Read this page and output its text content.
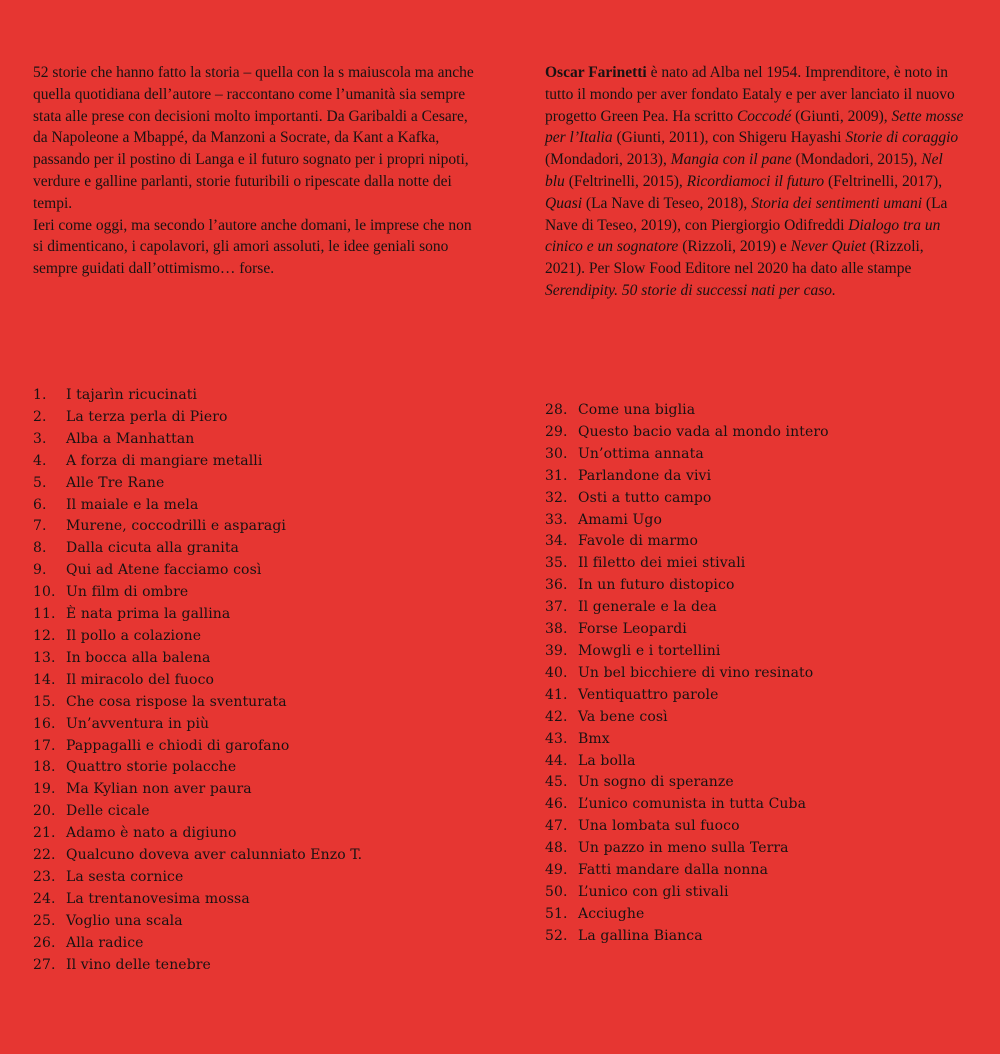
52 storie che hanno fatto la storia – quella con la s maiuscola ma anche quella quotidiana dell’autore – raccontano come l’umanità sia sempre stata alle prese con decisioni molto importanti. Da Garibaldi a Cesare, da Napoleone a Mbappé, da Manzoni a Socrate, da Kant a Kafka, passando per il postino di Langa e il futuro sognato per i propri nipoti, verdure e galline parlanti, storie futuribili o ripescate dalla notte dei tempi.

Ieri come oggi, ma secondo l’autore anche domani, le imprese che non si dimenticano, i capolavori, gli amori assoluti, le idee geniali sono sempre guidati dall’ottimismo… forse.

Oscar Farinetti è nato ad Alba nel 1954. Imprenditore, è noto in tutto il mondo per aver fondato Eataly e per aver lanciato il nuovo progetto Green Pea. Ha scritto Coccodé (Giunti, 2009), Sette mosse per l’Italia (Giunti, 2011), con Shigeru Hayashi Storie di coraggio (Mondadori, 2013), Mangia con il pane (Mondadori, 2015), Nel blu (Feltrinelli, 2015), Ricordiamoci il futuro (Feltrinelli, 2017), Quasi (La Nave di Teseo, 2018), Storia dei sentimenti umani (La Nave di Teseo, 2019), con Piergiorgio Odifreddi Dialogo tra un cinico e un sognatore (Rizzoli, 2019) e Never Quiet (Rizzoli, 2021). Per Slow Food Editore nel 2020 ha dato alle stampe Serendipity. 50 storie di successi nati per caso.
1. I tajarìn ricucinati
2. La terza perla di Piero
3. Alba a Manhattan
4. A forza di mangiare metalli
5. Alle Tre Rane
6. Il maiale e la mela
7. Murene, coccodrilli e asparagi
8. Dalla cicuta alla granita
9. Qui ad Atene facciamo così
10. Un film di ombre
11. È nata prima la gallina
12. Il pollo a colazione
13. In bocca alla balena
14. Il miracolo del fuoco
15. Che cosa rispose la sventurata
16. Un’avventura in più
17. Pappagalli e chiodi di garofano
18. Quattro storie polacche
19. Ma Kylian non aver paura
20. Delle cicale
21. Adamo è nato a digiuno
22. Qualcuno doveva aver calunniato Enzo T.
23. La sesta cornice
24. La trentanovesima mossa
25. Voglio una scala
26. Alla radice
27. Il vino delle tenebre
28. Come una biglia
29. Questo bacio vada al mondo intero
30. Un’ottima annata
31. Parlandone da vivi
32. Osti a tutto campo
33. Amami Ugo
34. Favole di marmo
35. Il filetto dei miei stivali
36. In un futuro distopico
37. Il generale e la dea
38. Forse Leopardi
39. Mowgli e i tortellini
40. Un bel bicchiere di vino resinato
41. Ventiquattro parole
42. Va bene così
43. Bmx
44. La bolla
45. Un sogno di speranze
46. L’unico comunista in tutta Cuba
47. Una lombata sul fuoco
48. Un pazzo in meno sulla Terra
49. Fatti mandare dalla nonna
50. L’unico con gli stivali
51. Acciughe
52. La gallina Bianca
